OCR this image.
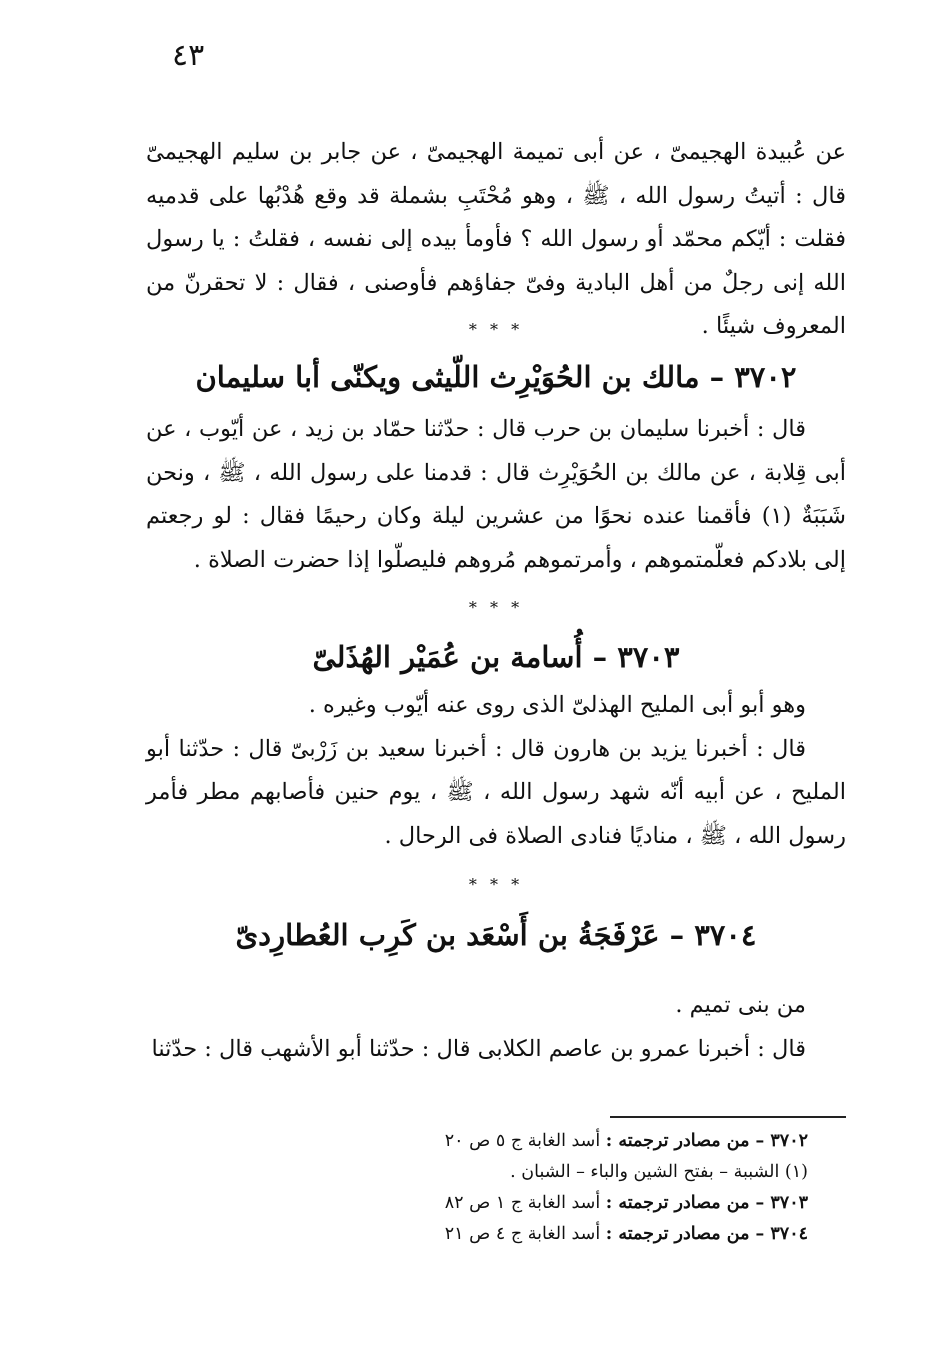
٤٣

عن عُبيدة الهجيمىّ ، عن أبى تميمة الهجيمىّ ، عن جابر بن سليم الهجيمىّ قال : أتيتُ رسول الله ، ﷺ ، وهو مُحْتَبِ بشملة قد وقع هُدْبُها على قدميه فقلت : أيّكم محمّد أو رسول الله ؟ فأومأ بيده إلى نفسه ، فقلتُ : يا رسول الله إنى رجلٌ من أهل البادية وفىّ جفاؤهم فأوصنى ، فقال : لا تحقرنّ من المعروف شيئًا .

* * *
٣٧٠٢ – مالك بن الحُوَيْرِث اللّيثى ويكنّى أبا سليمان

قال : أخبرنا سليمان بن حرب قال : حدّثنا حمّاد بن زيد ، عن أيّوب ، عن أبى قِلابة ، عن مالك بن الحُوَيْرِث قال : قدمنا على رسول الله ، ﷺ ، ونحن شَبَبَةٌ (١) فأقمنا عنده نحوًا من عشرين ليلة وكان رحيمًا فقال : لو رجعتم إلى بلادكم فعلّمتموهم ، وأمرتموهم مُروهم فليصلّوا إذا حضرت الصلاة .

* * *
٣٧٠٣ – أُسامة بن عُمَيْر الهُذَلىّ

وهو أبو أبى المليح الهذلىّ الذى روى عنه أيّوب وغيره .

قال : أخبرنا يزيد بن هارون قال : أخبرنا سعيد بن زَرْبىّ قال : حدّثنا أبو المليح ، عن أبيه أنّه شهد رسول الله ، ﷺ ، يوم حنين فأصابهم مطر فأمر رسول الله ، ﷺ ، مناديًا فنادى الصلاة فى الرحال .

* * *
٣٧٠٤ – عَرْفَجَةُ بن أَسْعَد بن كَرِب العُطارِدىّ

من بنى تميم .

قال : أخبرنا عمرو بن عاصم الكلابى قال : حدّثنا أبو الأشهب قال : حدّثنا

٣٧٠٢ – من مصادر ترجمته : أسد الغابة ج ٥ ص ٢٠
(١) الشببة – بفتح الشين والباء – الشبان .
٣٧٠٣ – من مصادر ترجمته : أسد الغابة ج ١ ص ٨٢
٣٧٠٤ – من مصادر ترجمته : أسد الغابة ج ٤ ص ٢١
